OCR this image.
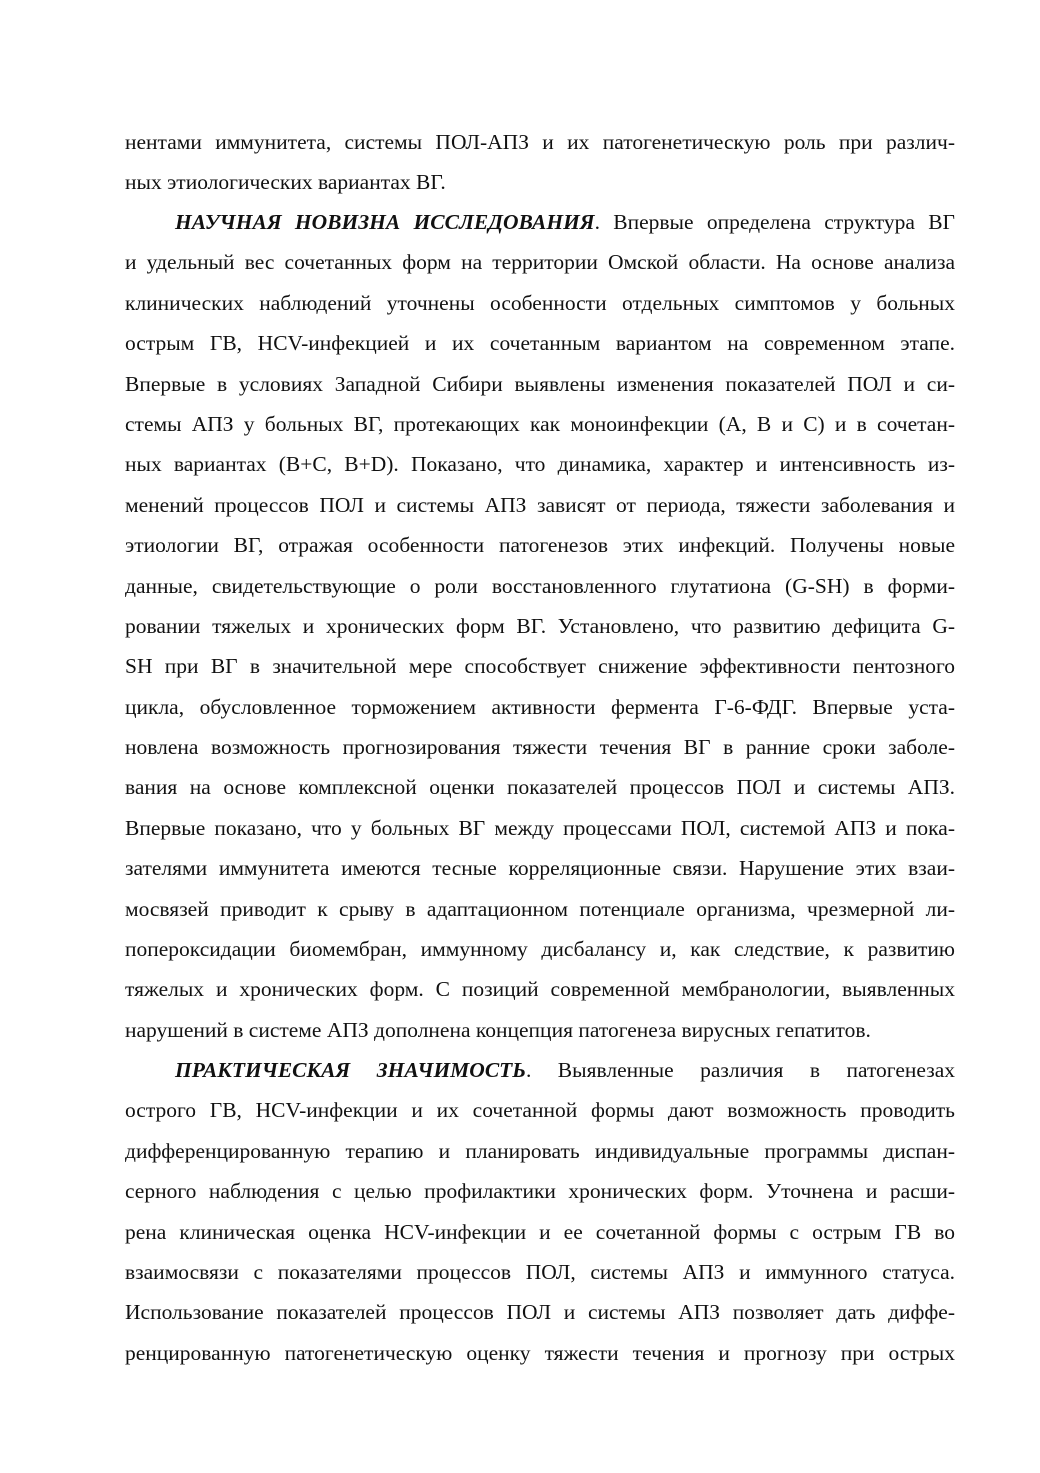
нентами иммунитета, системы ПОЛ-АПЗ и их патогенетическую роль при различ-
ных этиологических вариантах ВГ.
НАУЧНАЯ НОВИЗНА ИССЛЕДОВАНИЯ. Впервые определена структура ВГ
и удельный вес сочетанных форм на территории Омской области. На основе анализа
клинических наблюдений уточнены особенности отдельных симптомов у больных
острым ГВ, HCV-инфекцией и их сочетанным вариантом на современном этапе.
Впервые в условиях Западной Сибири выявлены изменения показателей ПОЛ и си-
стемы АПЗ у больных ВГ, протекающих как моноинфекции (А, В и С) и в сочетан-
ных вариантах (В+С, В+D). Показано, что динамика, характер и интенсивность из-
менений процессов ПОЛ и системы АПЗ зависят от периода, тяжести заболевания и
этиологии ВГ, отражая особенности патогенезов этих инфекций. Получены новые
данные, свидетельствующие о роли восстановленного глутатиона (G-SH) в форми-
ровании тяжелых и хронических форм ВГ. Установлено, что развитию дефицита G-
SH при ВГ в значительной мере способствует снижение эффективности пентозного
цикла, обусловленное торможением активности фермента Г-6-ФДГ. Впервые уста-
новлена возможность прогнозирования тяжести течения ВГ в ранние сроки заболе-
вания на основе комплексной оценки показателей процессов ПОЛ и системы АПЗ.
Впервые показано, что у больных ВГ между процессами ПОЛ, системой АПЗ и пока-
зателями иммунитета имеются тесные корреляционные связи. Нарушение этих взаи-
мосвязей приводит к срыву в адаптационном потенциале организма, чрезмерной ли-
попероксидации биомембран, иммунному дисбалансу и, как следствие, к развитию
тяжелых и хронических форм. С позиций современной мембранологии, выявленных
нарушений в системе АПЗ дополнена концепция патогенеза вирусных гепатитов.
ПРАКТИЧЕСКАЯ ЗНАЧИМОСТЬ. Выявленные различия в патогенезах
острого ГВ, HCV-инфекции и их сочетанной формы дают возможность проводить
дифференцированную терапию и планировать индивидуальные программы диспан-
серного наблюдения с целью профилактики хронических форм. Уточнена и расши-
рена клиническая оценка HCV-инфекции и ее сочетанной формы с острым ГВ во
взаимосвязи с показателями процессов ПОЛ, системы АПЗ и иммунного статуса.
Использование показателей процессов ПОЛ и системы АПЗ позволяет дать диффе-
ренцированную патогенетическую оценку тяжести течения и прогнозу при острых
